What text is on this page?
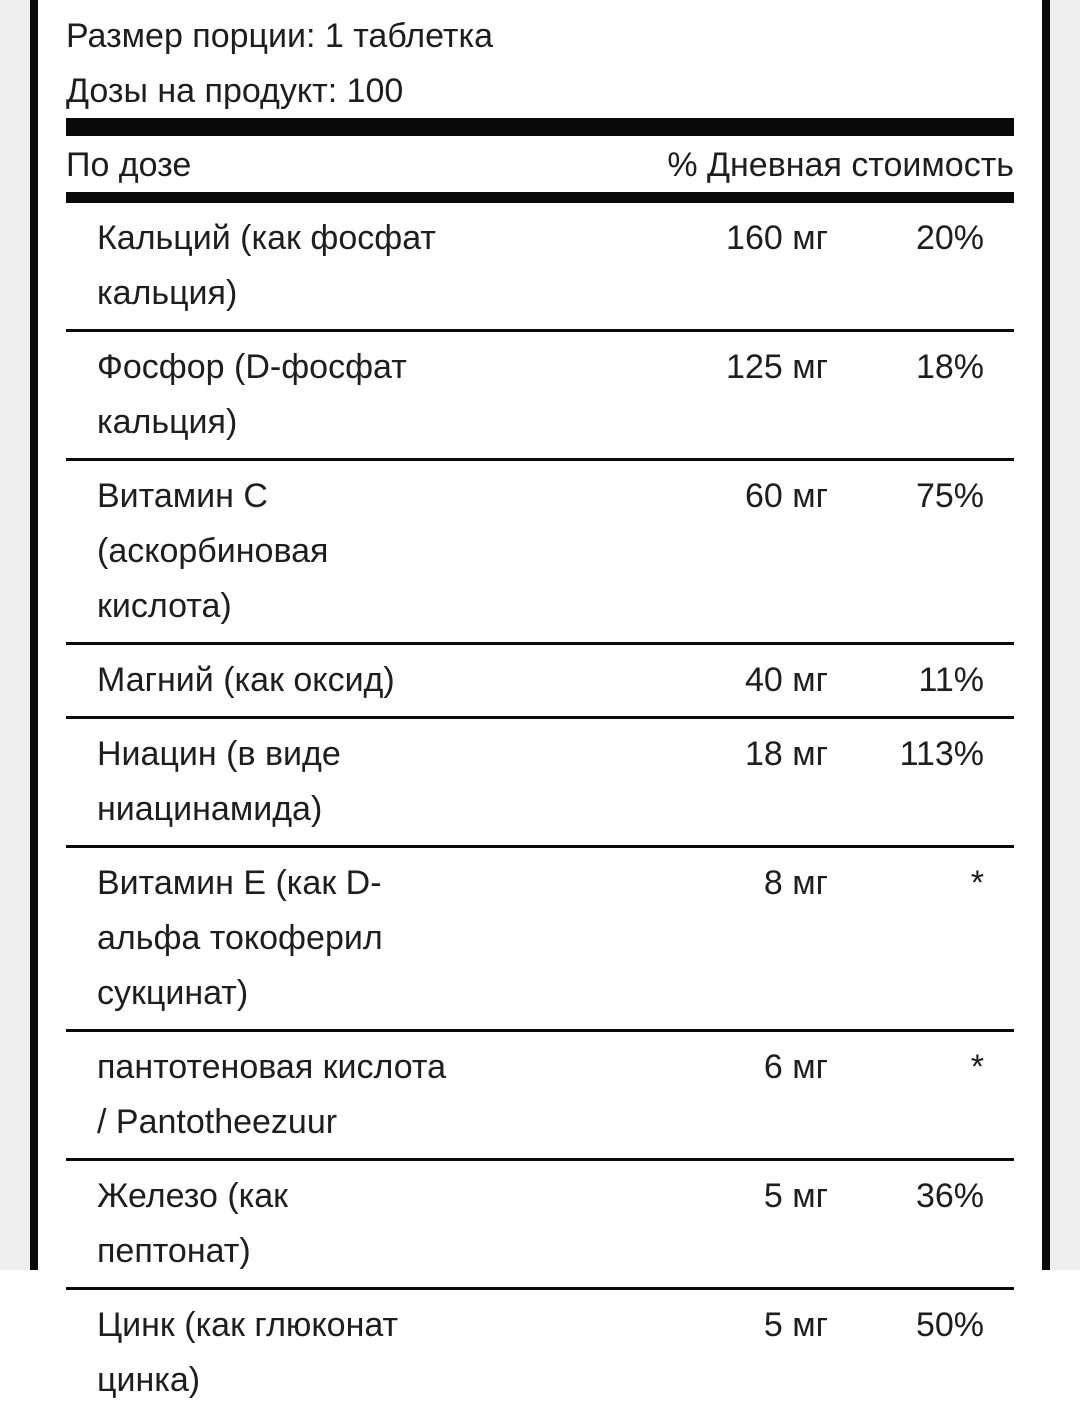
Размер порции: 1 таблетка
Дозы на продукт: 100
По дозе	% Дневная стоимость
Кальций (как фосфат
кальция)
160 мг	20%
Фосфор (D-фосфат
кальция)
125 мг	18%
Витамин C
(аскорбиновая
кислота)
60 мг	75%
Магний (как оксид)	40 мг	11%
Ниацин (в виде
ниацинамида)
18 мг 113%
Витамин E (как D-
альфа токоферил
сукцинат)
8 мг	*
пантотеновая кислота
/ Pantotheezuur
6 мг	*
Железо (как
пептонат)
5 мг	36%
Цинк (как глюконат
цинка)
5 мг	50%
